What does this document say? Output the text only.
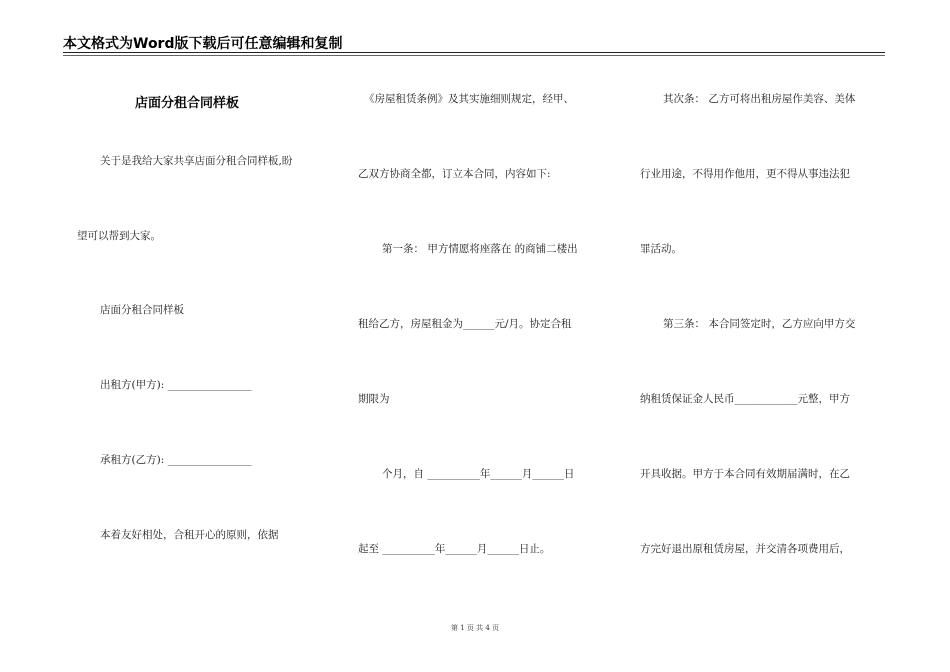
本文格式为Word版下载后可任意编辑和复制
店面分租合同样板
关于是我给大家共享店面分租合同样板,盼
望可以帮到大家。
店面分租合同样板
出租方(甲方): ________________
承租方(乙方): ________________
本着友好相处，合租开心的原则，依据
《房屋租赁条例》及其实施细则规定，经甲、
乙双方协商全都，订立本合同，内容如下:
第一条： 甲方情愿将座落在 的商铺二楼出
租给乙方，房屋租金为______元/月。协定合租
期限为
个月，自 __________年______月______日
起至 __________年______月______日止。
其次条： 乙方可将出租房屋作美容、美体
行业用途，不得用作他用，更不得从事违法犯
罪活动。
第三条： 本合同签定时，乙方应向甲方交
纳租赁保证金人民币____________元整，甲方
开具收据。甲方于本合同有效期届满时，在乙
方完好退出原租赁房屋，并交清各项费用后，
第 1 页 共 4 页
